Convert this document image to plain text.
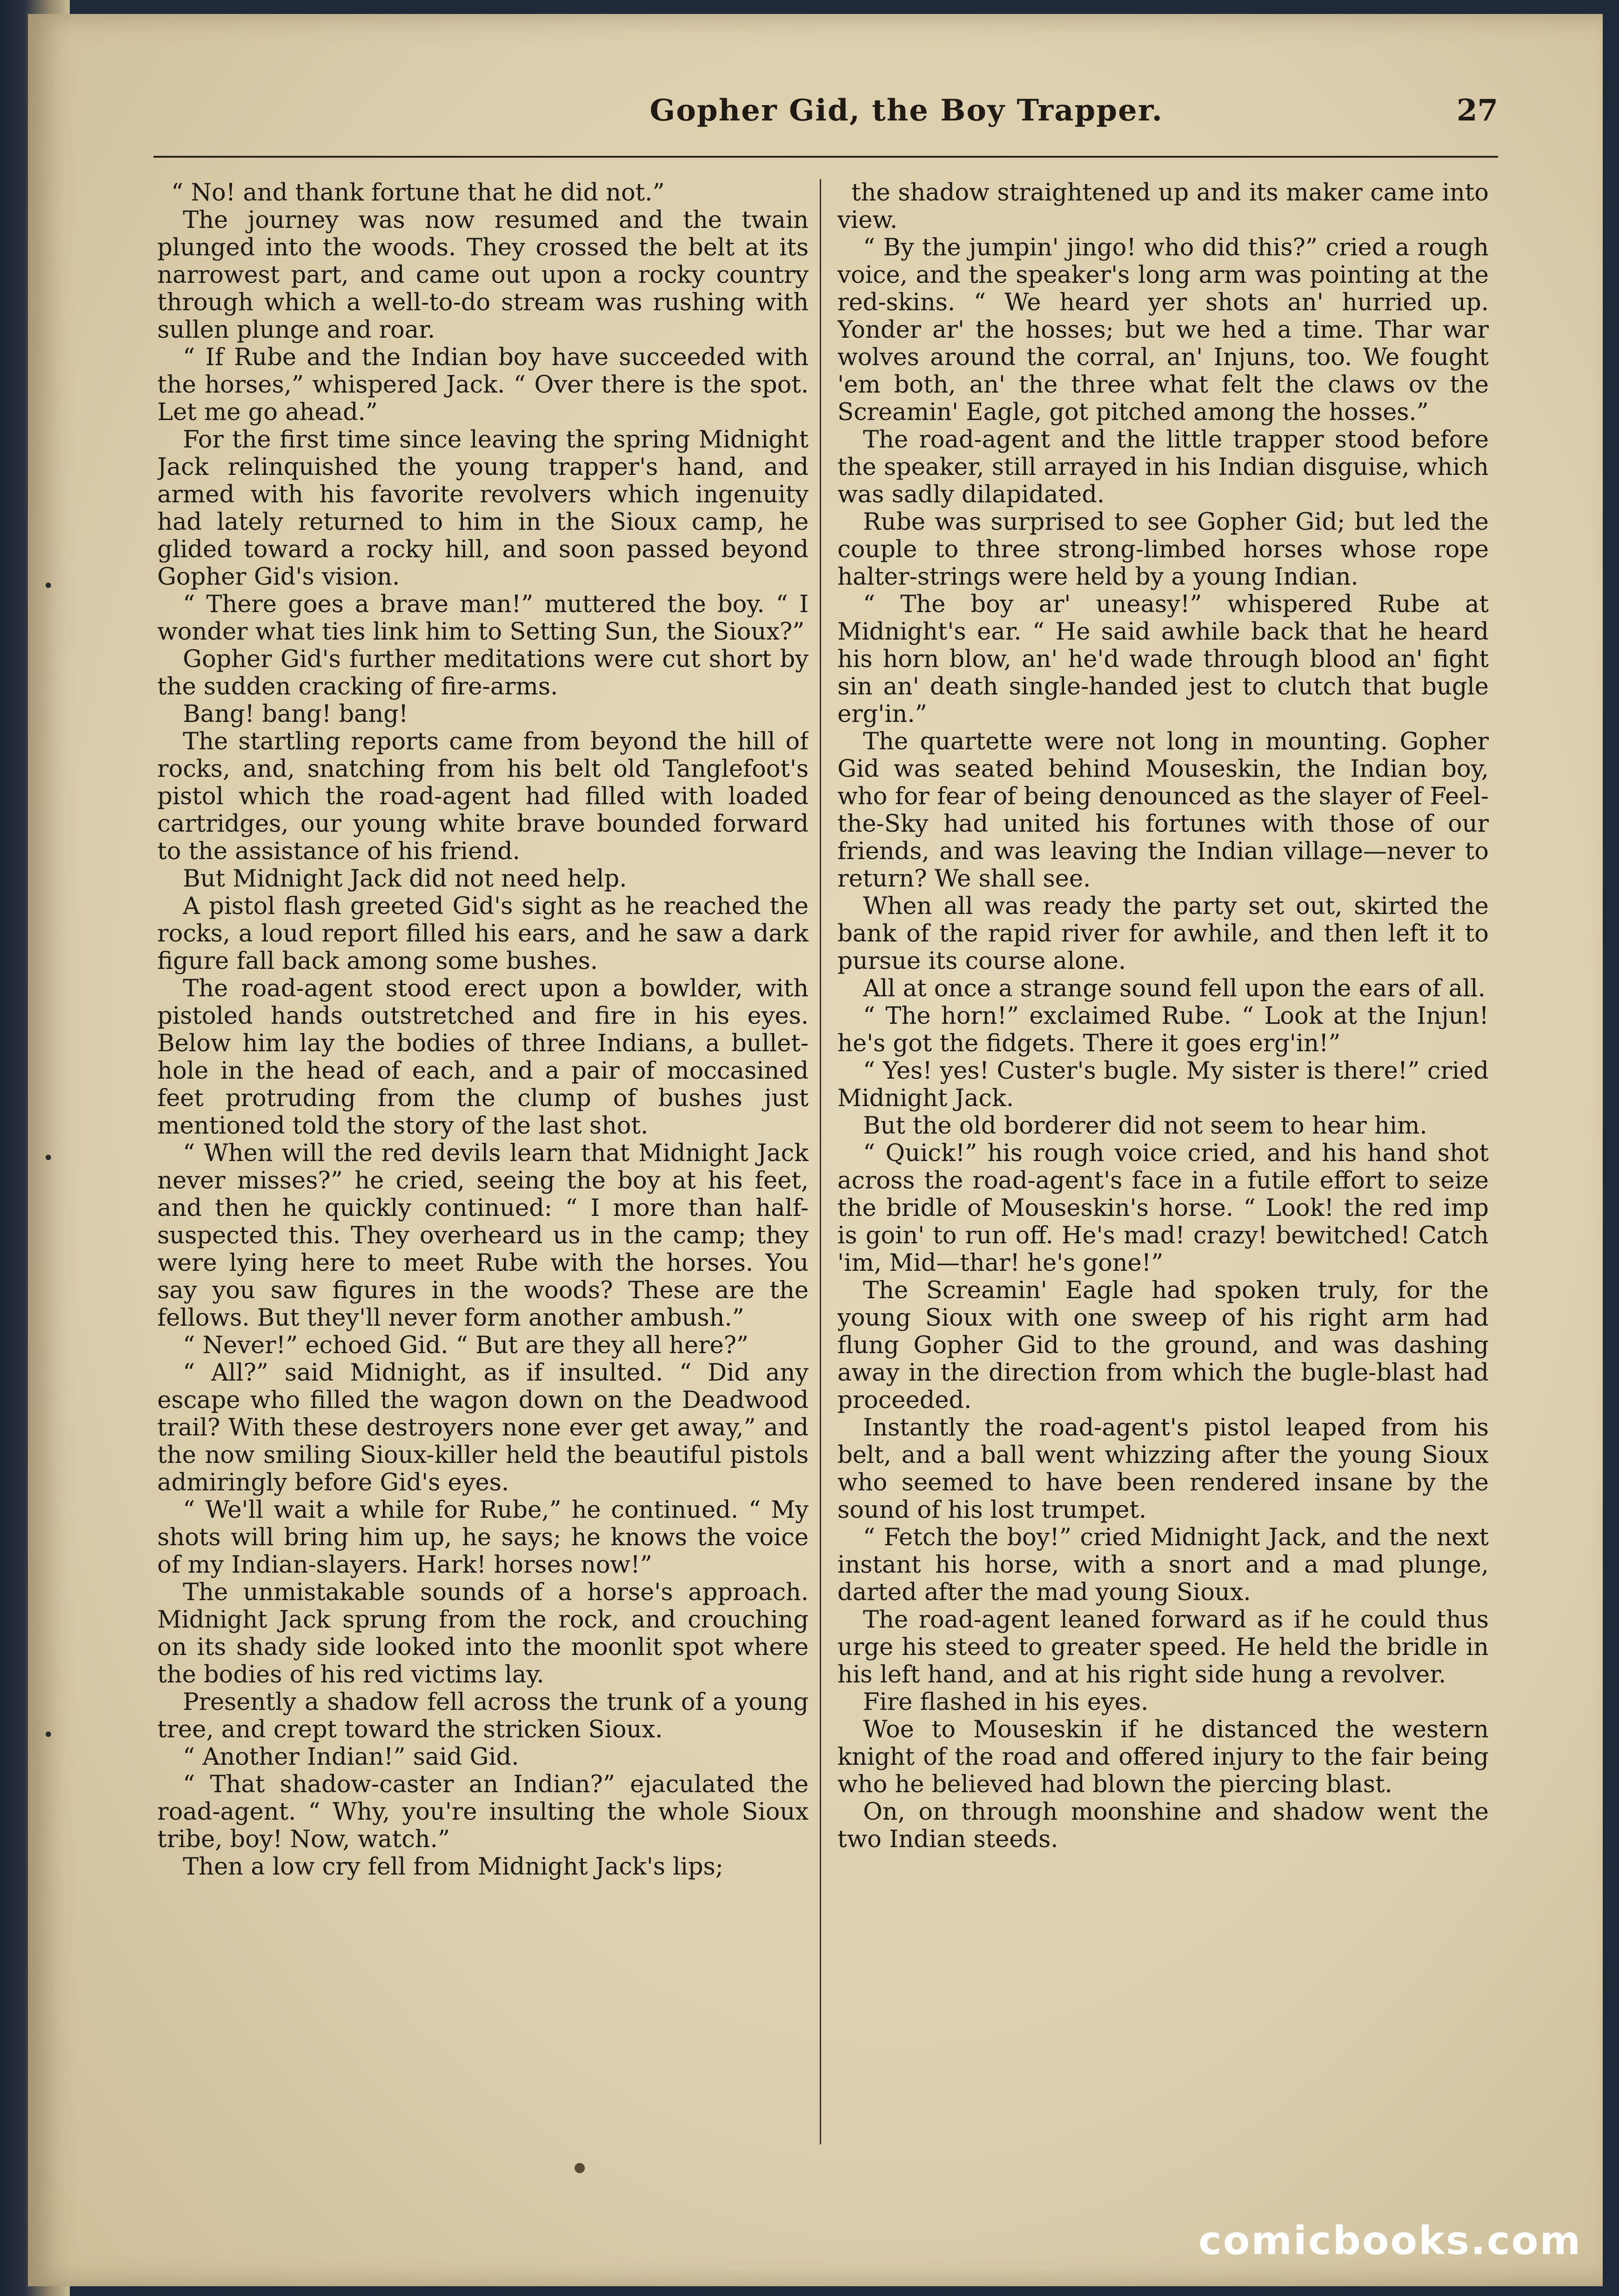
•
•
•
Gopher Gid, the Boy Trapper.	27

“ No! and thank fortune that he did not.”

The journey was now resumed and the twain plunged into the woods. They crossed the belt at its narrowest part, and came out upon a rocky country through which a well-to-do stream was rushing with sullen plunge and roar.

“ If Rube and the Indian boy have succeeded with the horses,” whispered Jack. “ Over there is the spot. Let me go ahead.”

For the first time since leaving the spring Midnight Jack relinquished the young trapper's hand, and armed with his favorite revolvers which ingenuity had lately returned to him in the Sioux camp, he glided toward a rocky hill, and soon passed beyond Gopher Gid's vision.

“ There goes a brave man!” muttered the boy. “ I wonder what ties link him to Setting Sun, the Sioux?”

Gopher Gid's further meditations were cut short by the sudden cracking of fire-arms.

Bang! bang! bang!

The startling reports came from beyond the hill of rocks, and, snatching from his belt old Tanglefoot's pistol which the road-agent had filled with loaded cartridges, our young white brave bounded forward to the assistance of his friend.

But Midnight Jack did not need help.

A pistol flash greeted Gid's sight as he reached the rocks, a loud report filled his ears, and he saw a dark figure fall back among some bushes.

The road-agent stood erect upon a bowlder, with pistoled hands outstretched and fire in his eyes. Below him lay the bodies of three Indians, a bullet-hole in the head of each, and a pair of moccasined feet protruding from the clump of bushes just mentioned told the story of the last shot.

“ When will the red devils learn that Midnight Jack never misses?” he cried, seeing the boy at his feet, and then he quickly continued: “ I more than half-suspected this. They overheard us in the camp; they were lying here to meet Rube with the horses. You say you saw figures in the woods? These are the fellows. But they'll never form another ambush.”

“ Never!” echoed Gid. “ But are they all here?”

“ All?” said Midnight, as if insulted. “ Did any escape who filled the wagon down on the Deadwood trail? With these destroyers none ever get away,” and the now smiling Sioux-killer held the beautiful pistols admiringly before Gid's eyes.

“ We'll wait a while for Rube,” he continued. “ My shots will bring him up, he says; he knows the voice of my Indian-slayers. Hark! horses now!”

The unmistakable sounds of a horse's approach. Midnight Jack sprung from the rock, and crouching on its shady side looked into the moonlit spot where the bodies of his red victims lay.

Presently a shadow fell across the trunk of a young tree, and crept toward the stricken Sioux.

“ Another Indian!” said Gid.

“ That shadow-caster an Indian?” ejaculated the road-agent. “ Why, you're insulting the whole Sioux tribe, boy! Now, watch.”

Then a low cry fell from Midnight Jack's lips;

the shadow straightened up and its maker came into view.

“ By the jumpin' jingo! who did this?” cried a rough voice, and the speaker's long arm was pointing at the red-skins. “ We heard yer shots an' hurried up. Yonder ar' the hosses; but we hed a time. Thar war wolves around the corral, an' Injuns, too. We fought 'em both, an' the three what felt the claws ov the Screamin' Eagle, got pitched among the hosses.”

The road-agent and the little trapper stood before the speaker, still arrayed in his Indian disguise, which was sadly dilapidated.

Rube was surprised to see Gopher Gid; but led the couple to three strong-limbed horses whose rope halter-strings were held by a young Indian.

“ The boy ar' uneasy!” whispered Rube at Midnight's ear. “ He said awhile back that he heard his horn blow, an' he'd wade through blood an' fight sin an' death single-handed jest to clutch that bugle erg'in.”

The quartette were not long in mounting. Gopher Gid was seated behind Mouseskin, the Indian boy, who for fear of being denounced as the slayer of Feel-the-Sky had united his fortunes with those of our friends, and was leaving the Indian village—never to return? We shall see.

When all was ready the party set out, skirted the bank of the rapid river for awhile, and then left it to pursue its course alone.

All at once a strange sound fell upon the ears of all.

“ The horn!” exclaimed Rube. “ Look at the Injun! he's got the fidgets. There it goes erg'in!”

“ Yes! yes! Custer's bugle. My sister is there!” cried Midnight Jack.

But the old borderer did not seem to hear him.

“ Quick!” his rough voice cried, and his hand shot across the road-agent's face in a futile effort to seize the bridle of Mouseskin's horse. “ Look! the red imp is goin' to run off. He's mad! crazy! bewitched! Catch 'im, Mid—thar! he's gone!”

The Screamin' Eagle had spoken truly, for the young Sioux with one sweep of his right arm had flung Gopher Gid to the ground, and was dashing away in the direction from which the bugle-blast had proceeded.

Instantly the road-agent's pistol leaped from his belt, and a ball went whizzing after the young Sioux who seemed to have been rendered insane by the sound of his lost trumpet.

“ Fetch the boy!” cried Midnight Jack, and the next instant his horse, with a snort and a mad plunge, darted after the mad young Sioux.

The road-agent leaned forward as if he could thus urge his steed to greater speed. He held the bridle in his left hand, and at his right side hung a revolver.

Fire flashed in his eyes.

Woe to Mouseskin if he distanced the western knight of the road and offered injury to the fair being who he believed had blown the piercing blast.

On, on through moonshine and shadow went the two Indian steeds.

comicbooks.com
